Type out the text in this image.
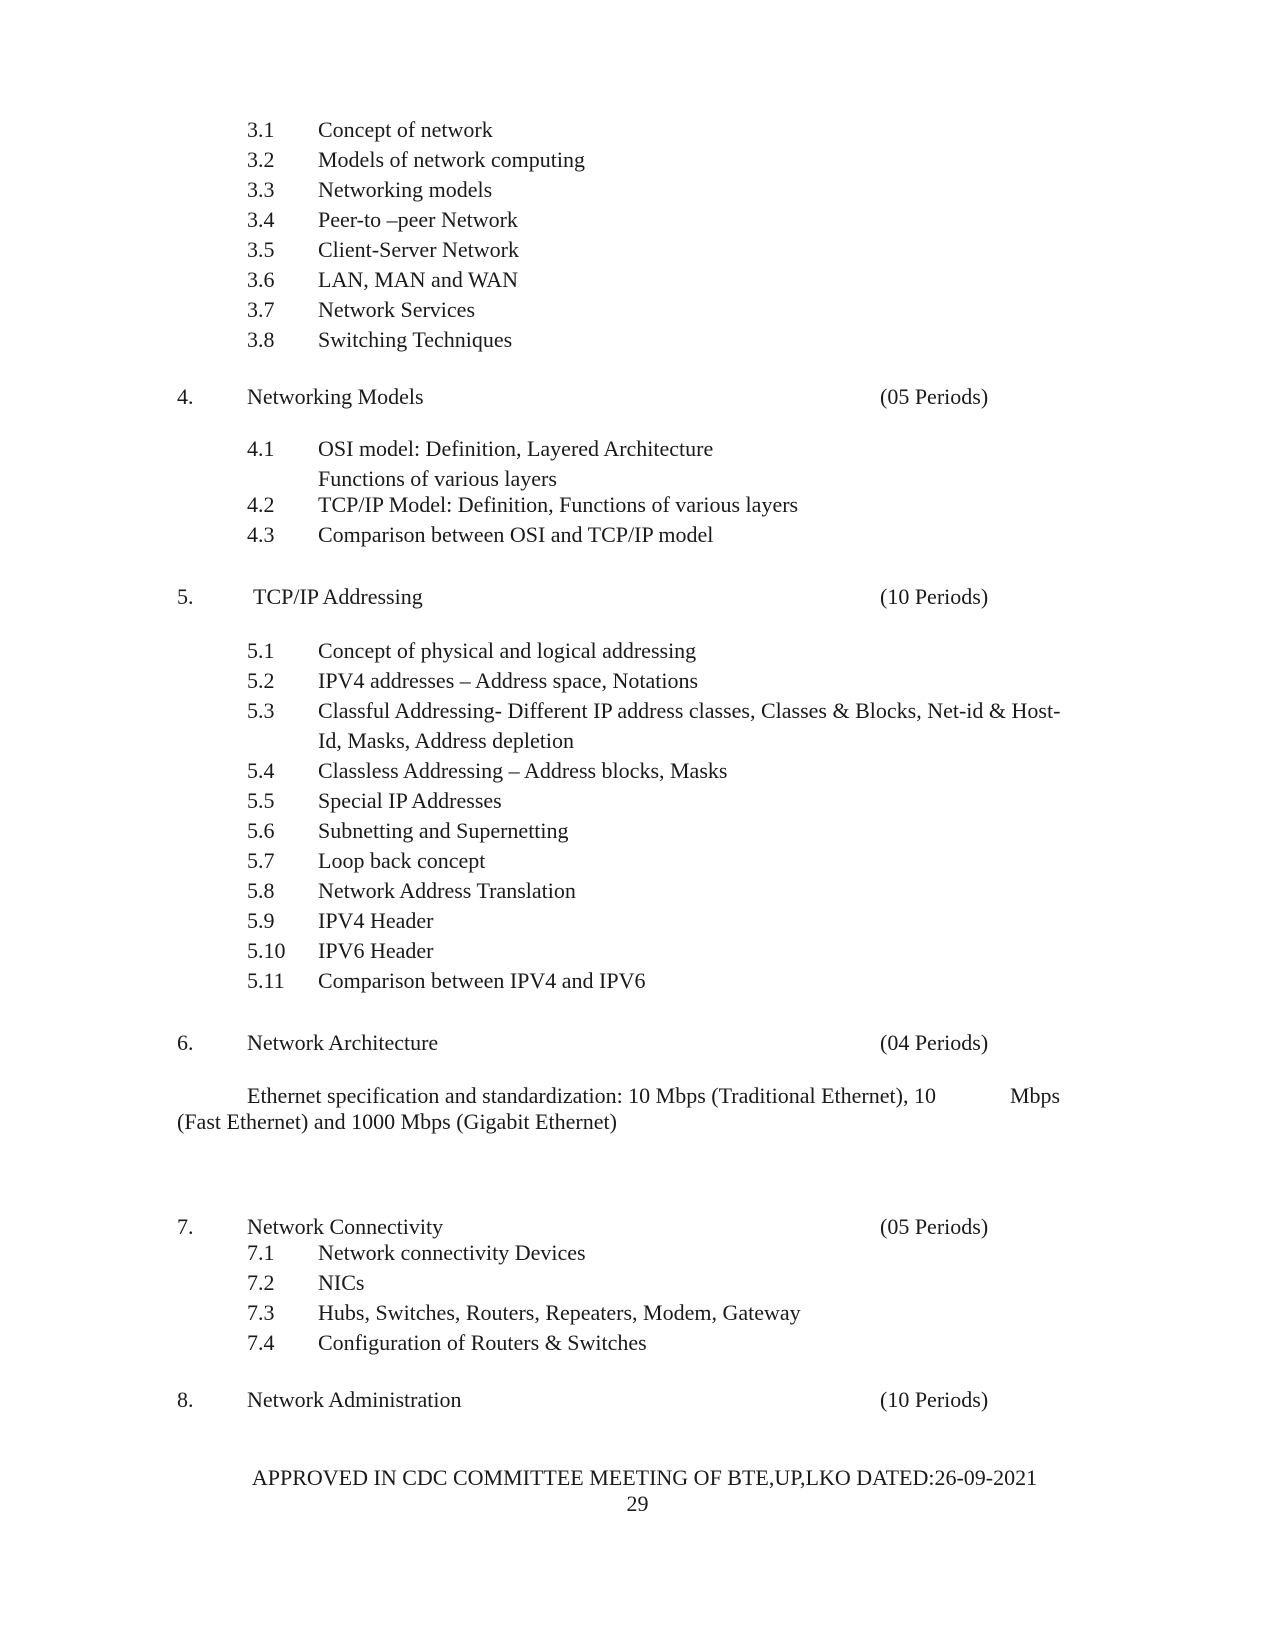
3.1 Concept of network
3.2 Models of network computing
3.3 Networking models
3.4 Peer-to –peer Network
3.5 Client-Server Network
3.6 LAN, MAN and WAN
3.7 Network Services
3.8 Switching Techniques
4. Networking Models	(05 Periods)
4.1 OSI model: Definition, Layered Architecture
Functions of various layers
4.2 TCP/IP Model: Definition, Functions of various layers
4.3 Comparison between OSI and TCP/IP model
5.	TCP/IP Addressing	(10 Periods)
5.1 Concept of physical and logical addressing
5.2 IPV4 addresses – Address space, Notations
5.3 Classful Addressing- Different IP address classes, Classes & Blocks, Net-id & Host-
Id, Masks, Address depletion
5.4 Classless Addressing – Address blocks, Masks
5.5 Special IP Addresses
5.6 Subnetting and Supernetting
5.7 Loop back concept
5.8 Network Address Translation
5.9 IPV4 Header
5.10 IPV6 Header
5.11 Comparison between IPV4 and IPV6
6. Network Architecture	(04 Periods)
Ethernet specification and standardization: 10 Mbps (Traditional Ethernet), 10	Mbps
(Fast Ethernet) and 1000 Mbps (Gigabit Ethernet)
7. Network Connectivity	(05 Periods)
7.1 Network connectivity Devices
7.2 NICs
7.3 Hubs, Switches, Routers, Repeaters, Modem, Gateway
7.4 Configuration of Routers & Switches
8. Network Administration	(10 Periods)
APPROVED IN CDC COMMITTEE MEETING OF BTE,UP,LKO DATED:26-09-2021
29
